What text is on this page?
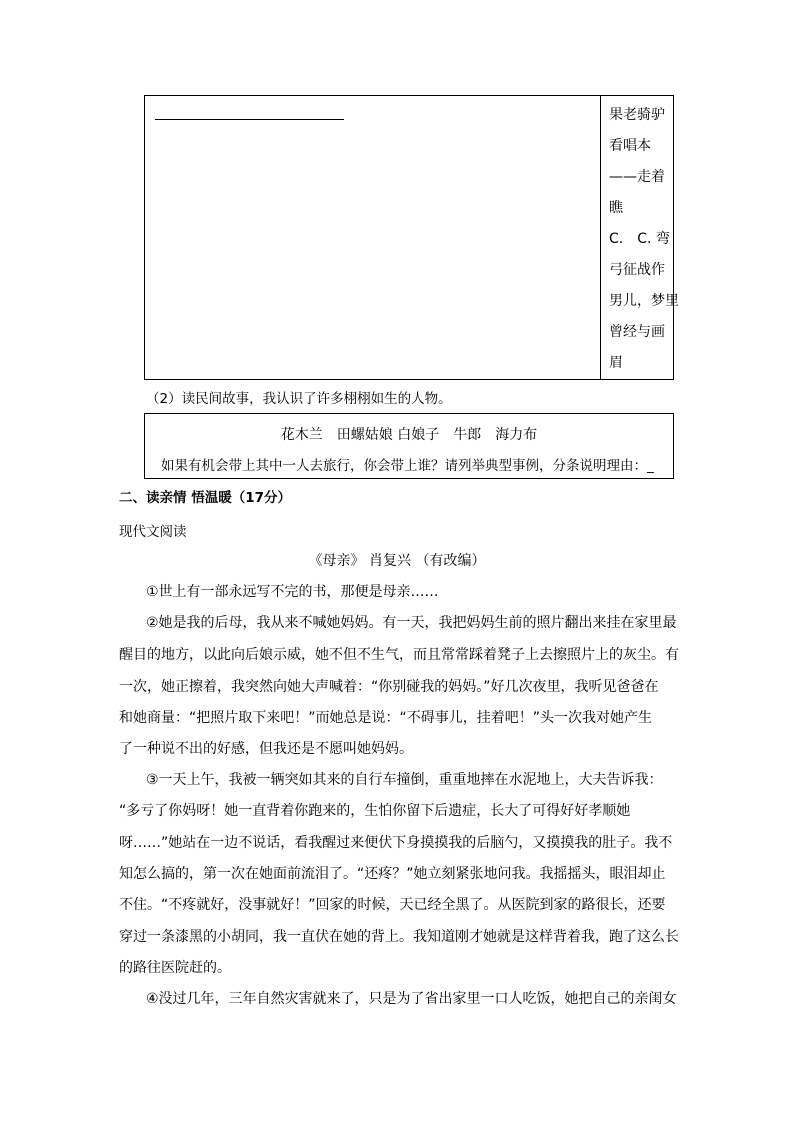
果老骑驴
看唱本
——走着
瞧
C.　C. 弯
弓征战作
男儿，梦里
曾经与画
眉
（2）读民间故事，我认识了许多栩栩如生的人物。
花木兰　田螺姑娘 白娘子　牛郎　海力布
如果有机会带上其中一人去旅行，你会带上谁？请列举典型事例，分条说明理由：_
二、读亲情 悟温暖（17分）
现代文阅读
《母亲》 肖复兴 （有改编）
①世上有一部永远写不完的书，那便是母亲……
②她是我的后母，我从来不喊她妈妈。有一天，我把妈妈生前的照片翻出来挂在家里最
醒目的地方，以此向后娘示威，她不但不生气，而且常常踩着凳子上去擦照片上的灰尘。有
一次，她正擦着，我突然向她大声喊着：“你别碰我的妈妈。”好几次夜里，我听见爸爸在
和她商量：“把照片取下来吧！”而她总是说：“不碍事儿，挂着吧！”头一次我对她产生
了一种说不出的好感，但我还是不愿叫她妈妈。
③一天上午，我被一辆突如其来的自行车撞倒，重重地摔在水泥地上，大夫告诉我：
“多亏了你妈呀！她一直背着你跑来的，生怕你留下后遗症，长大了可得好好孝顺她
呀……”她站在一边不说话，看我醒过来便伏下身摸摸我的后脑勺，又摸摸我的肚子。我不
知怎么搞的，第一次在她面前流泪了。“还疼？”她立刻紧张地问我。我摇摇头，眼泪却止
不住。“不疼就好，没事就好！”回家的时候，天已经全黑了。从医院到家的路很长，还要
穿过一条漆黑的小胡同，我一直伏在她的背上。我知道刚才她就是这样背着我，跑了这么长
的路往医院赶的。
④没过几年，三年自然灾害就来了，只是为了省出家里一口人吃饭，她把自己的亲闺女
